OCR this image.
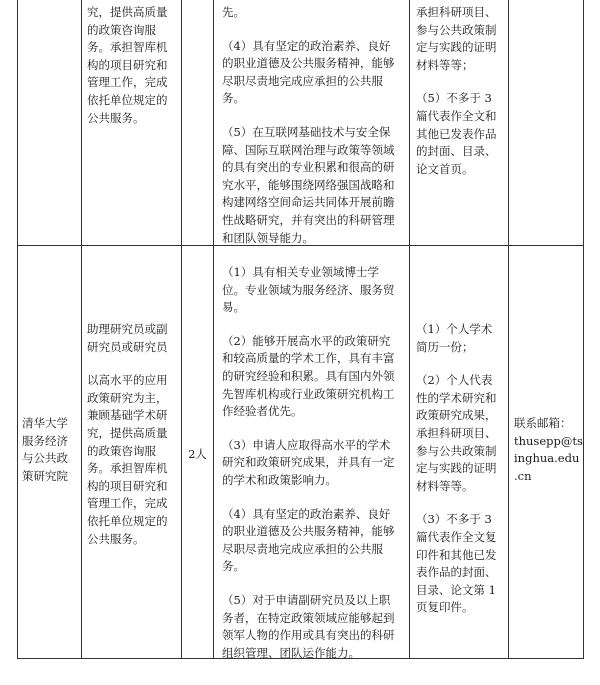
究，提供高质量

的政策咨询服

务。承担智库机

构的项目研究和

管理工作，完成

依托单位规定的

公共服务。

先。

（4）具有坚定的政治素养、良好

的职业道德及公共服务精神，能够

尽职尽责地完成应承担的公共服

务。

（5）在互联网基础技术与安全保

障、国际互联网治理与政策等领域

的具有突出的专业积累和很高的研

究水平，能够围绕网络强国战略和

构建网络空间命运共同体开展前瞻

性战略研究，并有突出的科研管理

和团队领导能力。

承担科研项目、

参与公共政策制

定与实践的证明

材料等等；

（5）不多于 3

篇代表作全文和

其他已发表作品

的封面、目录、

论文首页。

清华大学

服务经济

与公共政

策研究院

助理研究员或副

研究员或研究员

以高水平的应用

政策研究为主，

兼顾基础学术研

究，提供高质量

的政策咨询服

务。承担智库机

构的项目研究和

管理工作，完成

依托单位规定的

公共服务。

2人

（1）具有相关专业领域博士学

位。专业领域为服务经济、服务贸

易。

（2）能够开展高水平的政策研究

和较高质量的学术工作，具有丰富

的研究经验和积累。具有国内外领

先智库机构或行业政策研究机构工

作经验者优先。

（3）申请人应取得高水平的学术

研究和政策研究成果，并具有一定

的学术和政策影响力。

（4）具有坚定的政治素养、良好

的职业道德及公共服务精神，能够

尽职尽责地完成应承担的公共服

务。

（5）对于申请副研究员及以上职

务者，在特定政策领域应能够起到

领军人物的作用或具有突出的科研

组织管理、团队运作能力。

（1）个人学术

简历一份；

（2）个人代表

性的学术研究和

政策研究成果，

承担科研项目、

参与公共政策制

定与实践的证明

材料等等。

（3）不多于 3

篇代表作全文复

印件和其他已发

表作品的封面、

目录、论文第 1

页复印件。

联系邮箱：

thusepp@ts

inghua.edu

.cn
